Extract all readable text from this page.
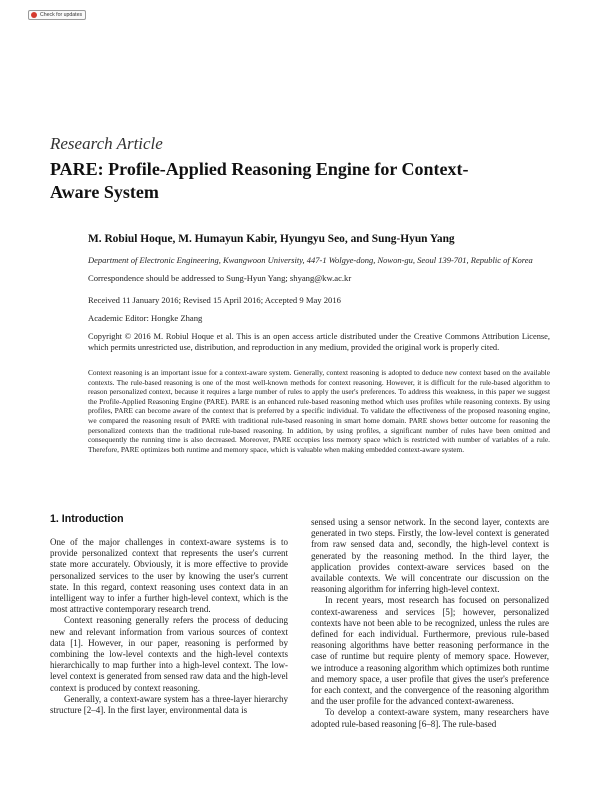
Check for updates
Research Article
PARE: Profile-Applied Reasoning Engine for Context-Aware System
M. Robiul Hoque, M. Humayun Kabir, Hyungyu Seo, and Sung-Hyun Yang
Department of Electronic Engineering, Kwangwoon University, 447-1 Wolgye-dong, Nowon-gu, Seoul 139-701, Republic of Korea
Correspondence should be addressed to Sung-Hyun Yang; shyang@kw.ac.kr
Received 11 January 2016; Revised 15 April 2016; Accepted 9 May 2016
Academic Editor: Hongke Zhang
Copyright © 2016 M. Robiul Hoque et al. This is an open access article distributed under the Creative Commons Attribution License, which permits unrestricted use, distribution, and reproduction in any medium, provided the original work is properly cited.
Context reasoning is an important issue for a context-aware system. Generally, context reasoning is adopted to deduce new context based on the available contexts. The rule-based reasoning is one of the most well-known methods for context reasoning. However, it is difficult for the rule-based algorithm to reason personalized context, because it requires a large number of rules to apply the user's preferences. To address this weakness, in this paper we suggest the Profile-Applied Reasoning Engine (PARE). PARE is an enhanced rule-based reasoning method which uses profiles while reasoning contexts. By using profiles, PARE can become aware of the context that is preferred by a specific individual. To validate the effectiveness of the proposed reasoning engine, we compared the reasoning result of PARE with traditional rule-based reasoning in smart home domain. PARE shows better outcome for reasoning the personalized contexts than the traditional rule-based reasoning. In addition, by using profiles, a significant number of rules have been omitted and consequently the running time is also decreased. Moreover, PARE occupies less memory space which is restricted with number of variables of a rule. Therefore, PARE optimizes both runtime and memory space, which is valuable when making embedded context-aware system.
1. Introduction

One of the major challenges in context-aware systems is to provide personalized context that represents the user's current state more accurately. Obviously, it is more effective to provide personalized services to the user by knowing the user's current state. In this regard, context reasoning uses context data in an intelligent way to infer a further high-level context, which is the most attractive contemporary research trend.

Context reasoning generally refers the process of deducing new and relevant information from various sources of context data [1]. However, in our paper, reasoning is performed by combining the low-level contexts and the high-level contexts hierarchically to map further into a high-level context. The low-level context is generated from sensed raw data and the high-level context is produced by context reasoning.

Generally, a context-aware system has a three-layer hierarchy structure [2–4]. In the first layer, environmental data is

sensed using a sensor network. In the second layer, contexts are generated in two steps. Firstly, the low-level context is generated from raw sensed data and, secondly, the high-level context is generated by the reasoning method. In the third layer, the application provides context-aware services based on the available contexts. We will concentrate our discussion on the reasoning algorithm for inferring high-level context.

In recent years, most research has focused on personalized context-awareness and services [5]; however, personalized contexts have not been able to be recognized, unless the rules are defined for each individual. Furthermore, previous rule-based reasoning algorithms have better reasoning performance in the case of runtime but require plenty of memory space. However, we introduce a reasoning algorithm which optimizes both runtime and memory space, a user profile that gives the user's preference for each context, and the convergence of the reasoning algorithm and the user profile for the advanced context-awareness.

To develop a context-aware system, many researchers have adopted rule-based reasoning [6–8]. The rule-based
